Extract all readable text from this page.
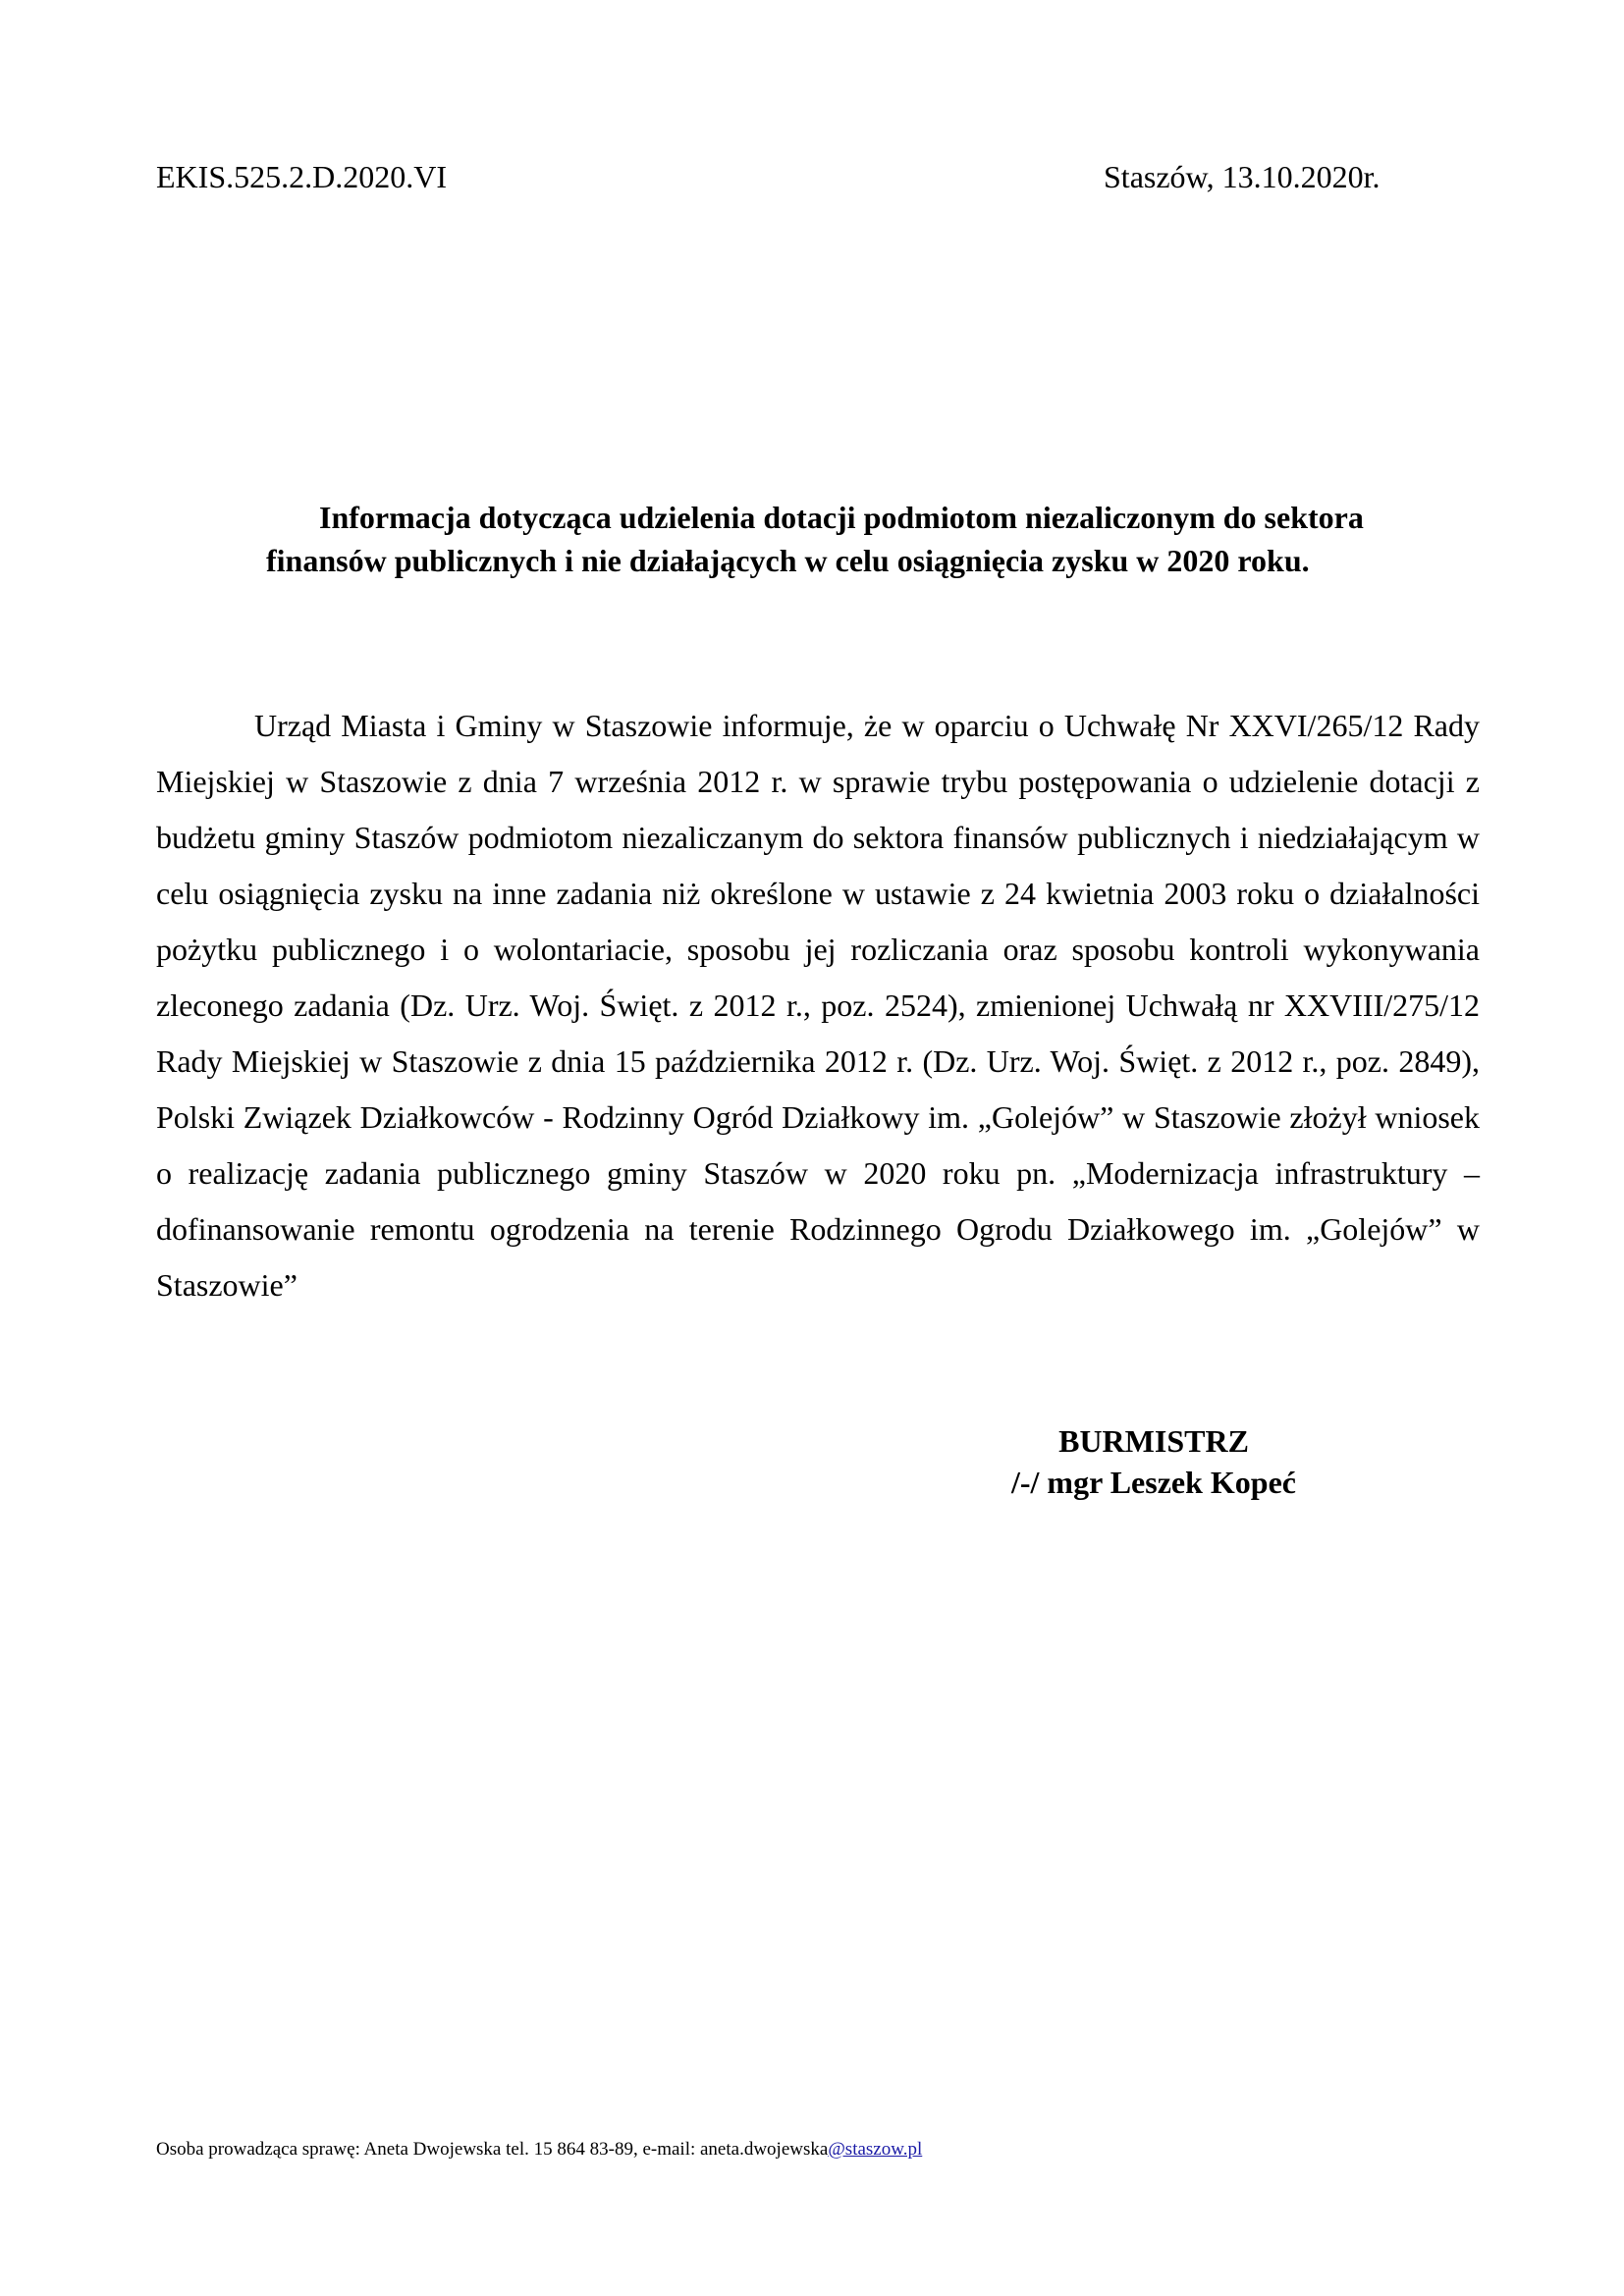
EKIS.525.2.D.2020.VI	Staszów, 13.10.2020r.
Informacja dotycząca udzielenia dotacji podmiotom niezaliczonym do sektora
finansów publicznych i nie działających w celu osiągnięcia zysku w 2020 roku.

Urząd Miasta i Gminy w Staszowie informuje, że w oparciu o Uchwałę Nr XXVI/265/12 Rady Miejskiej w Staszowie z dnia 7 września 2012 r. w sprawie trybu postępowania o udzielenie dotacji z budżetu gminy Staszów podmiotom niezaliczanym do sektora finansów publicznych i niedziałającym w celu osiągnięcia zysku na inne zadania niż określone w ustawie z 24 kwietnia 2003 roku o działalności pożytku publicznego i o wolontariacie, sposobu jej rozliczania oraz sposobu kontroli wykonywania zleconego zadania (Dz. Urz. Woj. Święt. z 2012 r., poz. 2524), zmienionej Uchwałą nr XXVIII/275/12 Rady Miejskiej w Staszowie z dnia 15 października 2012 r. (Dz. Urz. Woj. Święt. z 2012 r., poz. 2849), Polski Związek Działkowców - Rodzinny Ogród Działkowy im. „Golejów” w Staszowie złożył wniosek o realizację zadania publicznego gminy Staszów w 2020 roku pn. „Modernizacja infrastruktury – dofinansowanie remontu ogrodzenia na terenie Rodzinnego Ogrodu Działkowego im. „Golejów” w Staszowie”

BURMISTRZ
/-/ mgr Leszek Kopeć
Osoba prowadząca sprawę: Aneta Dwojewska tel. 15 864 83-89, e-mail: aneta.dwojewska@staszow.pl
